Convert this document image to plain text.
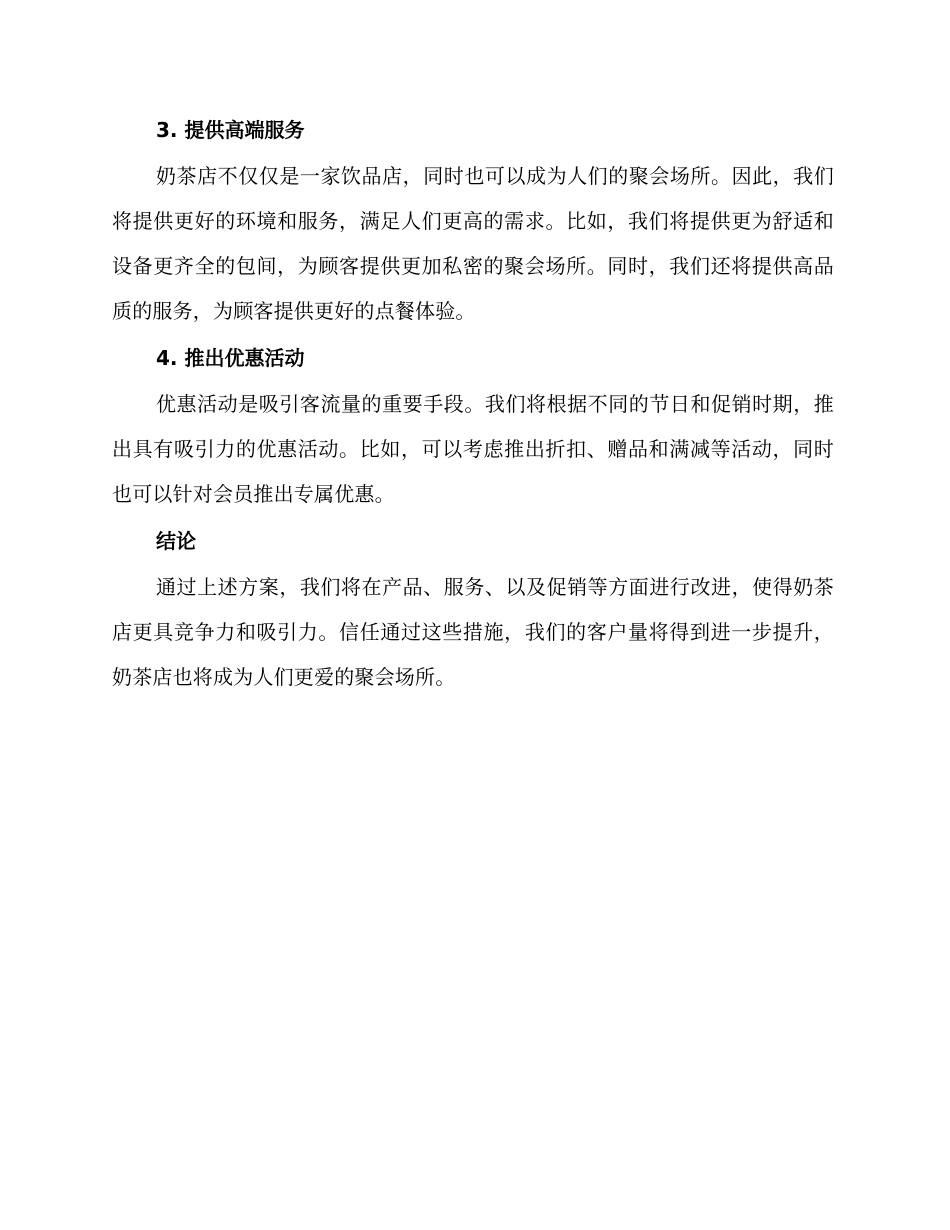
3. 提供高端服务

奶茶店不仅仅是一家饮品店，同时也可以成为人们的聚会场所。因此，我们将提供更好的环境和服务，满足人们更高的需求。比如，我们将提供更为舒适和设备更齐全的包间，为顾客提供更加私密的聚会场所。同时，我们还将提供高品质的服务，为顾客提供更好的点餐体验。

4. 推出优惠活动

优惠活动是吸引客流量的重要手段。我们将根据不同的节日和促销时期，推出具有吸引力的优惠活动。比如，可以考虑推出折扣、赠品和满减等活动，同时也可以针对会员推出专属优惠。

结论

通过上述方案，我们将在产品、服务、以及促销等方面进行改进，使得奶茶店更具竞争力和吸引力。信任通过这些措施，我们的客户量将得到进一步提升，奶茶店也将成为人们更爱的聚会场所。
